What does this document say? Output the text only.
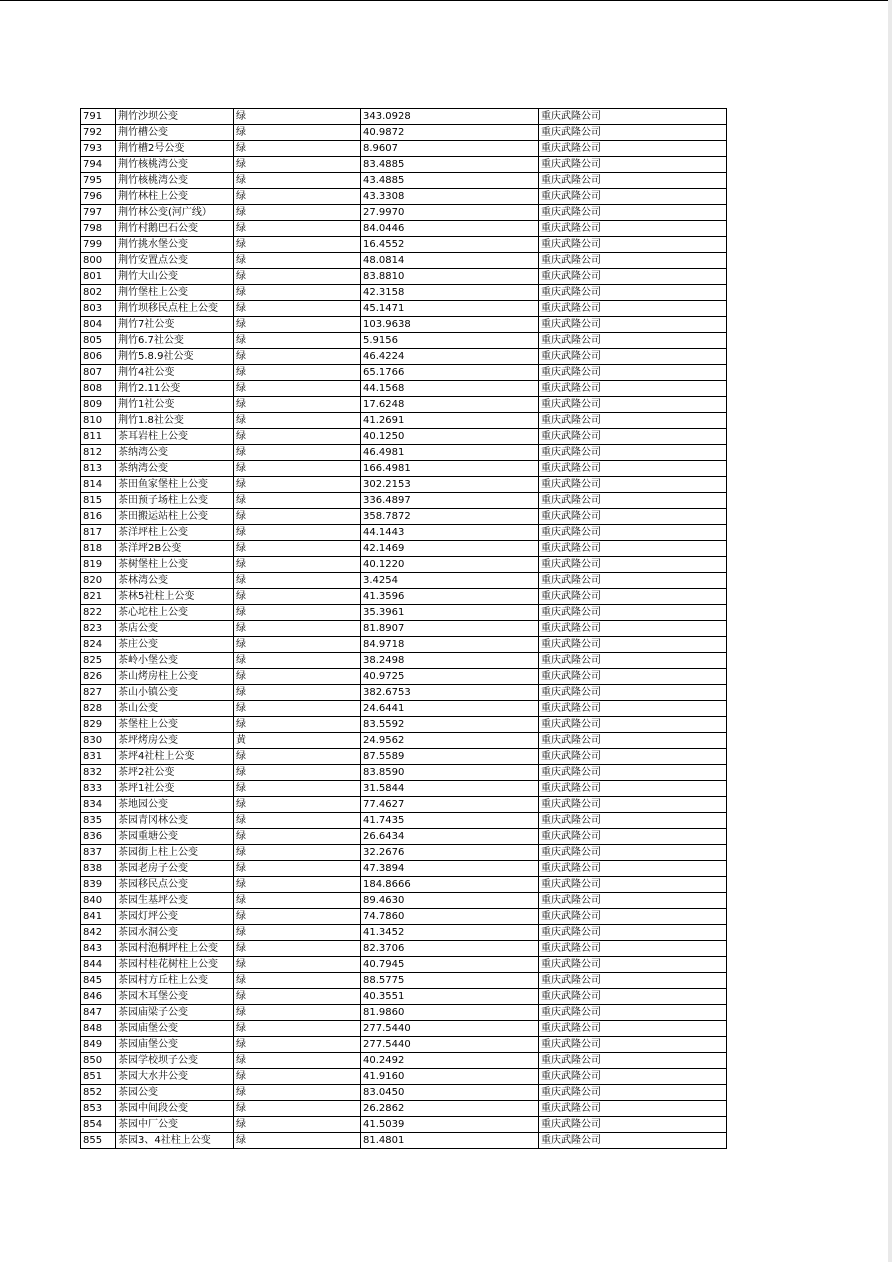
791	荆竹沙坝公变	绿	343.0928	重庆武隆公司
792	荆竹槽公变	绿	40.9872	重庆武隆公司
793	荆竹槽2号公变	绿	8.9607	重庆武隆公司
794	荆竹核桃湾公变	绿	83.4885	重庆武隆公司
795	荆竹核桃湾公变	绿	43.4885	重庆武隆公司
796	荆竹林柱上公变	绿	43.3308	重庆武隆公司
797	荆竹林公变(河广线）	绿	27.9970	重庆武隆公司
798	荆竹村鹅巴石公变	绿	84.0446	重庆武隆公司
799	荆竹挑水堡公变	绿	16.4552	重庆武隆公司
800	荆竹安置点公变	绿	48.0814	重庆武隆公司
801	荆竹大山公变	绿	83.8810	重庆武隆公司
802	荆竹堡柱上公变	绿	42.3158	重庆武隆公司
803	荆竹坝移民点柱上公变	绿	45.1471	重庆武隆公司
804	荆竹7社公变	绿	103.9638	重庆武隆公司
805	荆竹6.7社公变	绿	5.9156	重庆武隆公司
806	荆竹5.8.9社公变	绿	46.4224	重庆武隆公司
807	荆竹4社公变	绿	65.1766	重庆武隆公司
808	荆竹2.11公变	绿	44.1568	重庆武隆公司
809	荆竹1社公变	绿	17.6248	重庆武隆公司
810	荆竹1.8社公变	绿	41.2691	重庆武隆公司
811	茶耳岩柱上公变	绿	40.1250	重庆武隆公司
812	茶纳湾公变	绿	46.4981	重庆武隆公司
813	茶纳湾公变	绿	166.4981	重庆武隆公司
814	茶田鱼家堡柱上公变	绿	302.2153	重庆武隆公司
815	茶田预子场柱上公变	绿	336.4897	重庆武隆公司
816	茶田搬运站柱上公变	绿	358.7872	重庆武隆公司
817	茶洋坪柱上公变	绿	44.1443	重庆武隆公司
818	茶洋坪2B公变	绿	42.1469	重庆武隆公司
819	茶树堡柱上公变	绿	40.1220	重庆武隆公司
820	茶林湾公变	绿	3.4254	重庆武隆公司
821	茶林5社柱上公变	绿	41.3596	重庆武隆公司
822	茶心坨柱上公变	绿	35.3961	重庆武隆公司
823	茶店公变	绿	81.8907	重庆武隆公司
824	茶庄公变	绿	84.9718	重庆武隆公司
825	茶岭小堡公变	绿	38.2498	重庆武隆公司
826	茶山烤房柱上公变	绿	40.9725	重庆武隆公司
827	茶山小镇公变	绿	382.6753	重庆武隆公司
828	茶山公变	绿	24.6441	重庆武隆公司
829	茶堡柱上公变	绿	83.5592	重庆武隆公司
830	茶坪烤房公变	黄	24.9562	重庆武隆公司
831	茶坪4社柱上公变	绿	87.5589	重庆武隆公司
832	茶坪2社公变	绿	83.8590	重庆武隆公司
833	茶坪1社公变	绿	31.5844	重庆武隆公司
834	茶地园公变	绿	77.4627	重庆武隆公司
835	茶园青冈林公变	绿	41.7435	重庆武隆公司
836	茶园重塘公变	绿	26.6434	重庆武隆公司
837	茶园街上柱上公变	绿	32.2676	重庆武隆公司
838	茶园老房子公变	绿	47.3894	重庆武隆公司
839	茶园移民点公变	绿	184.8666	重庆武隆公司
840	茶园生基坪公变	绿	89.4630	重庆武隆公司
841	茶园灯坪公变	绿	74.7860	重庆武隆公司
842	茶园水洞公变	绿	41.3452	重庆武隆公司
843	茶园村泡桐坪柱上公变	绿	82.3706	重庆武隆公司
844	茶园村桂花树柱上公变	绿	40.7945	重庆武隆公司
845	茶园村方丘柱上公变	绿	88.5775	重庆武隆公司
846	茶园木耳堡公变	绿	40.3551	重庆武隆公司
847	茶园庙梁子公变	绿	81.9860	重庆武隆公司
848	茶园庙堡公变	绿	277.5440	重庆武隆公司
849	茶园庙堡公变	绿	277.5440	重庆武隆公司
850	茶园学校坝子公变	绿	40.2492	重庆武隆公司
851	茶园大水井公变	绿	41.9160	重庆武隆公司
852	茶园公变	绿	83.0450	重庆武隆公司
853	茶园中间段公变	绿	26.2862	重庆武隆公司
854	茶园中厂公变	绿	41.5039	重庆武隆公司
855	茶园3、4社柱上公变	绿	81.4801	重庆武隆公司
